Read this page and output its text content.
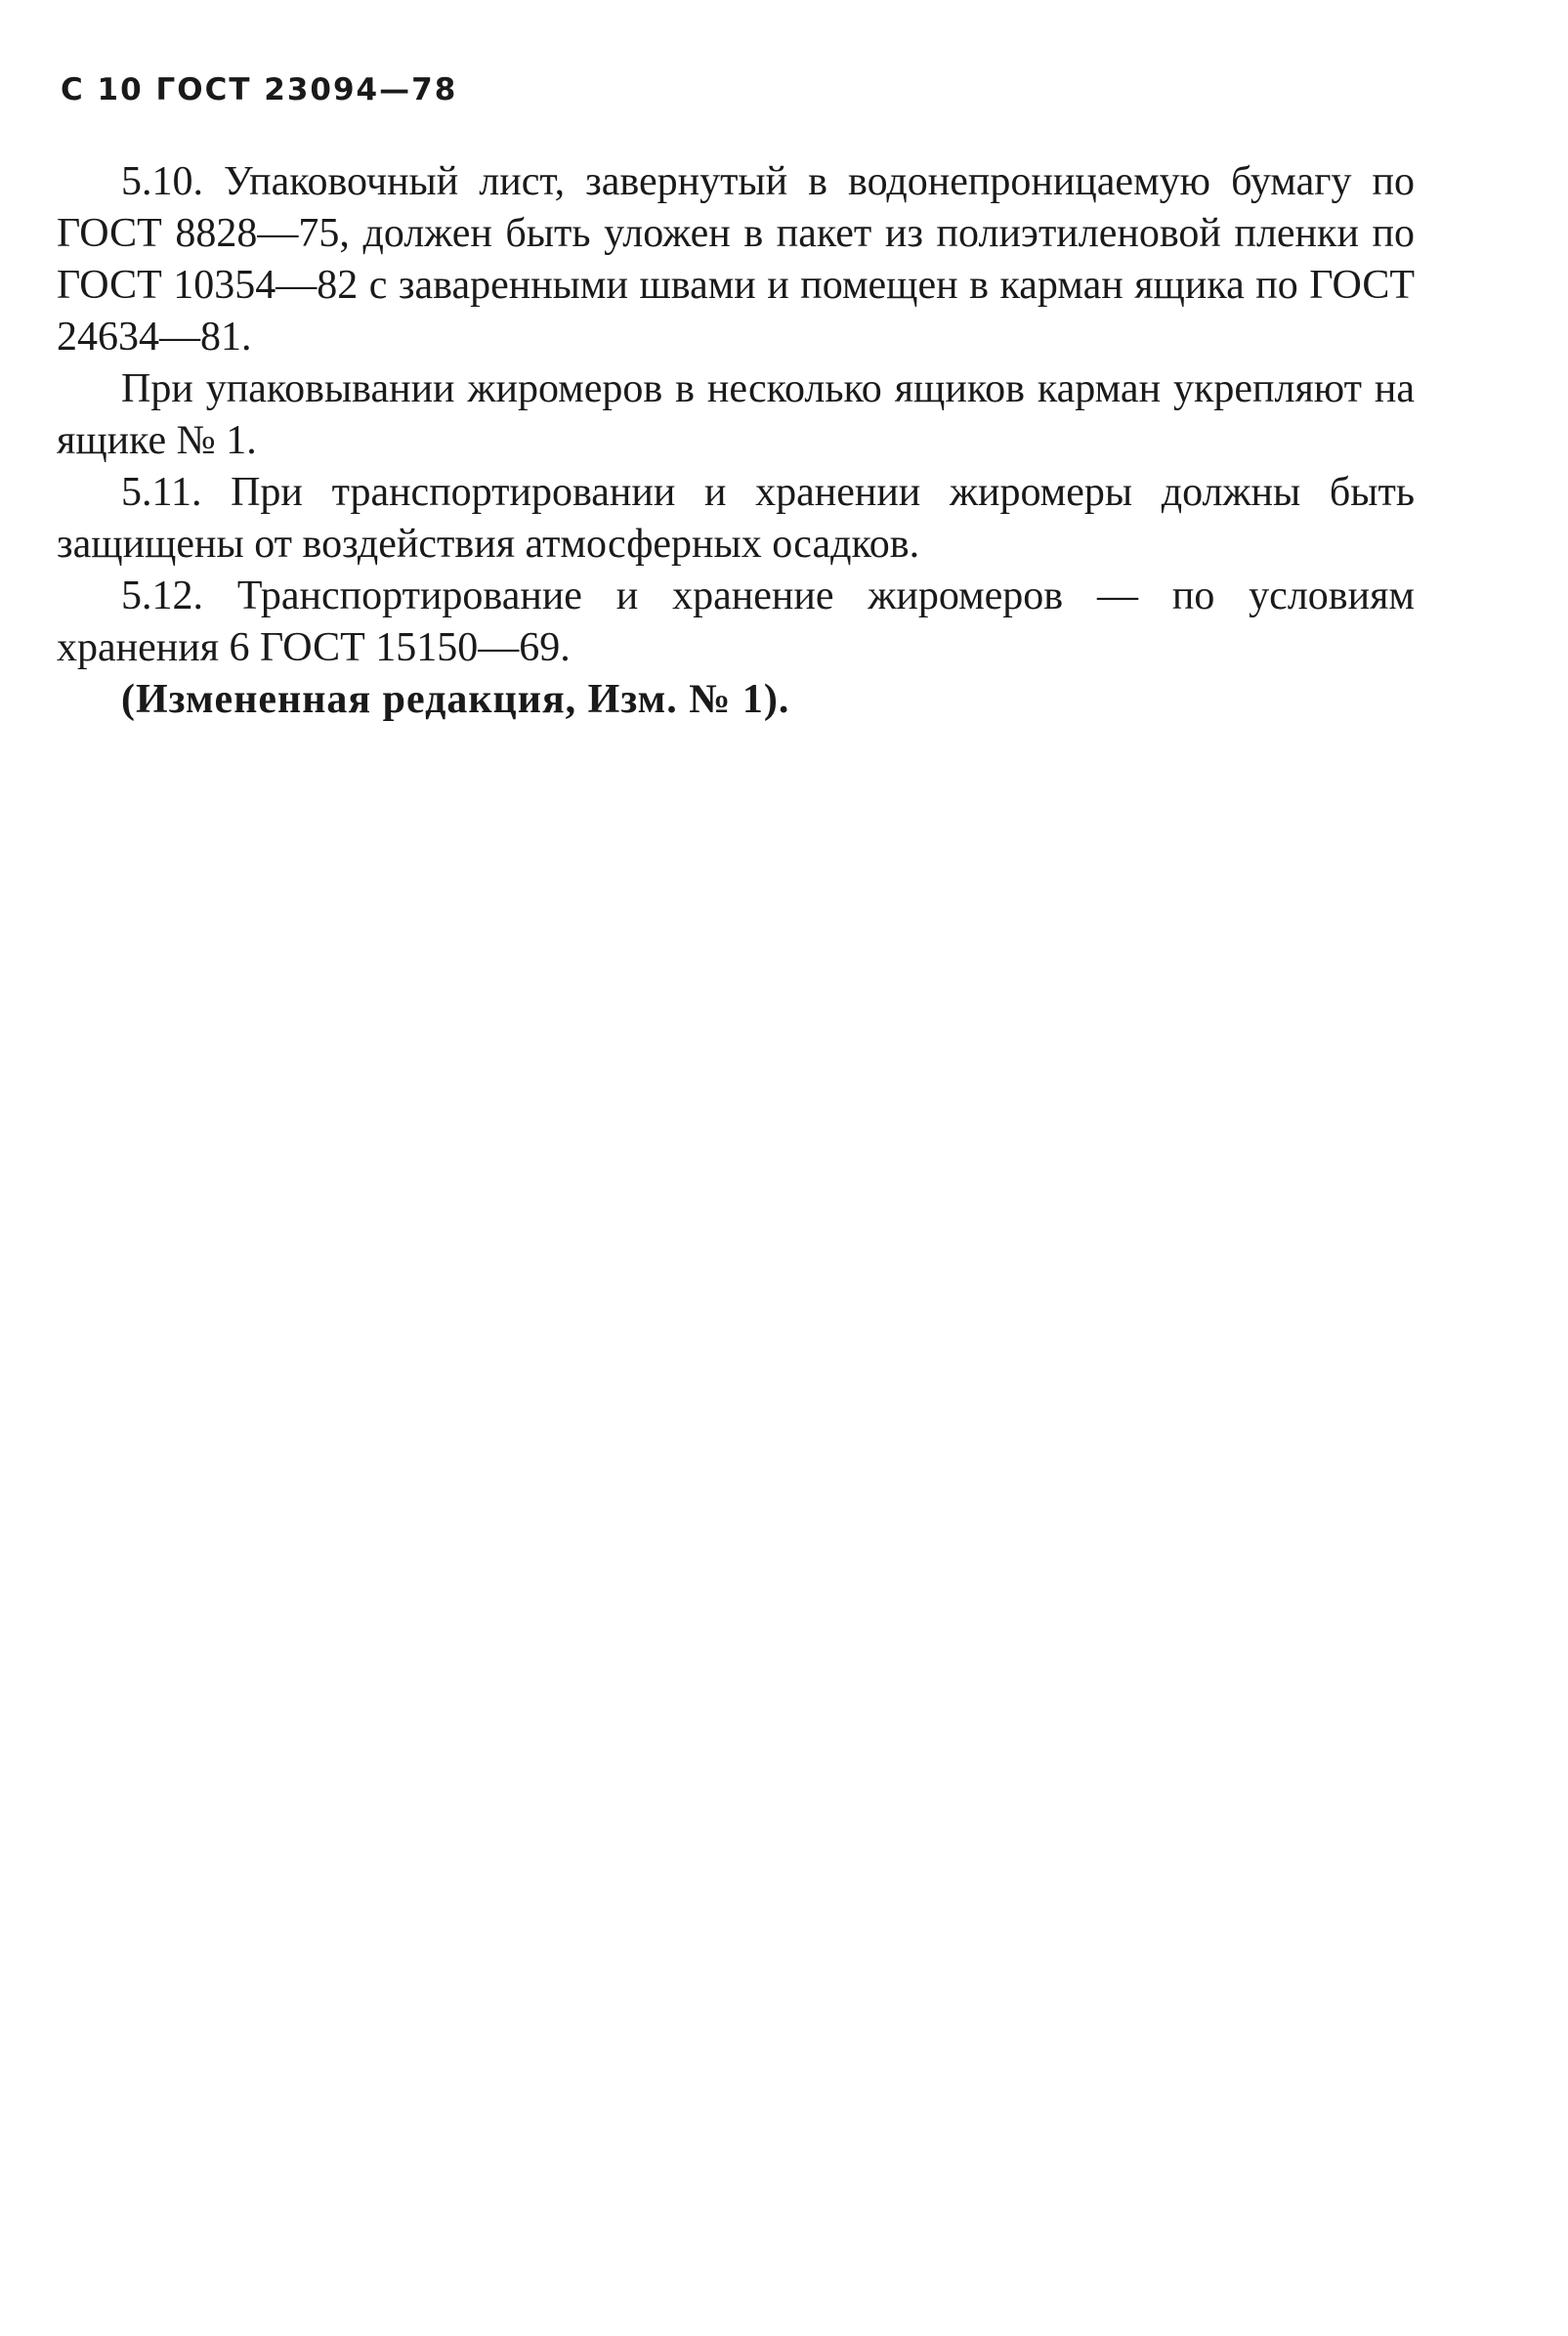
С 10 ГОСТ 23094—78

5.10. Упаковочный лист, завернутый в водонепроницаемую бумагу по ГОСТ 8828—75, должен быть уложен в пакет из полиэтиленовой пленки по ГОСТ 10354—82 с заваренными швами и помещен в карман ящика по ГОСТ 24634—81.

При упаковывании жиромеров в несколько ящиков карман укрепляют на ящике № 1.

5.11. При транспортировании и хранении жиромеры должны быть защищены от воздействия атмосферных осадков.

5.12. Транспортирование и хранение жиромеров — по условиям хранения 6 ГОСТ 15150—69.

(Измененная редакция, Изм. № 1).
